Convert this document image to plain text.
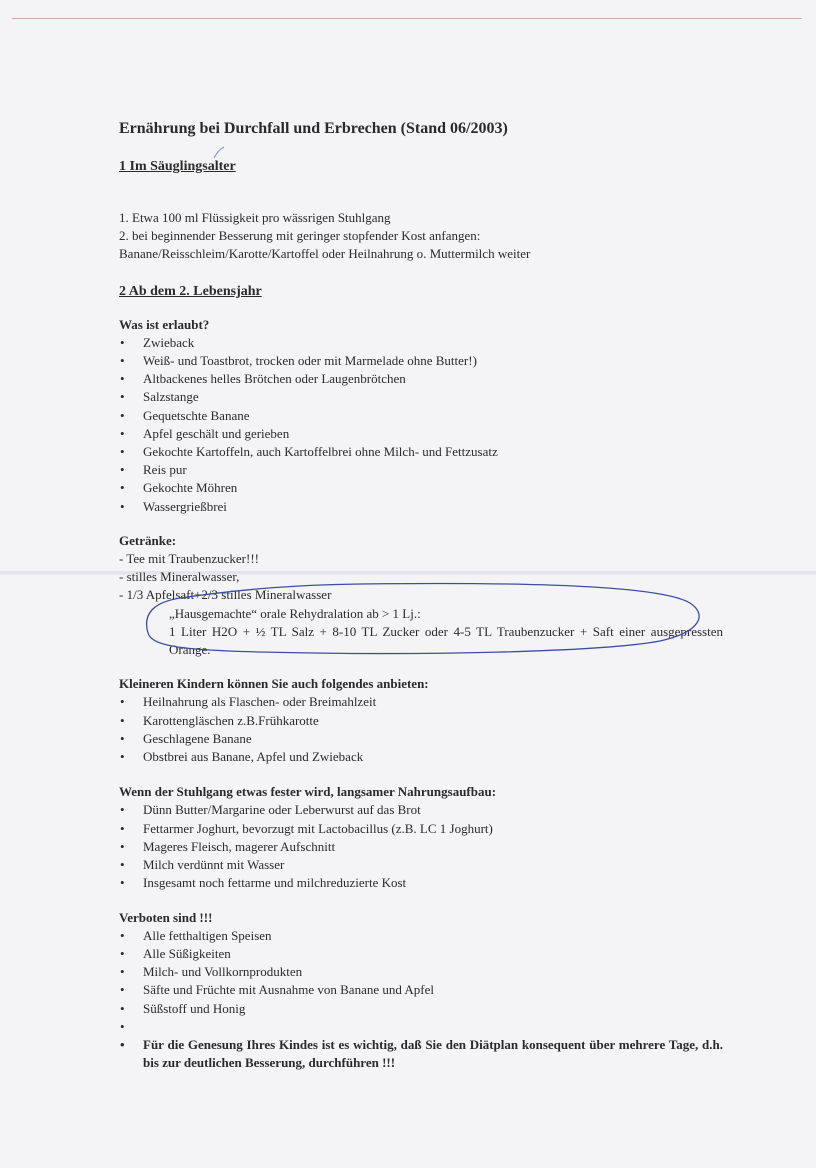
Ernährung bei Durchfall und Erbrechen (Stand 06/2003)
1 Im Säuglingsalter

1. Etwa 100 ml Flüssigkeit pro wässrigen Stuhlgang

2. bei beginnender Besserung mit geringer stopfender Kost anfangen:

Banane/Reisschleim/Karotte/Kartoffel oder Heilnahrung o. Muttermilch weiter

2 Ab dem 2. Lebensjahr

Was ist erlaubt?

• Zwieback
• Weiß- und Toastbrot, trocken oder mit Marmelade ohne Butter!)
• Altbackenes helles Brötchen oder Laugenbrötchen
• Salzstange
• Gequetschte Banane
• Apfel geschält und gerieben
• Gekochte Kartoffeln, auch Kartoffelbrei ohne Milch- und Fettzusatz
• Reis pur
• Gekochte Möhren
• Wassergrießbrei

Getränke:

- Tee mit Traubenzucker!!!

- stilles Mineralwasser,

- 1/3 Apfelsaft+2/3 stilles Mineralwasser

„Hausgemachte“ orale Rehydralation ab > 1 Lj.:

1 Liter H2O + ½ TL Salz + 8-10 TL Zucker oder 4-5 TL Traubenzucker + Saft einer ausgepressten Orange.

Kleineren Kindern können Sie auch folgendes anbieten:

• Heilnahrung als Flaschen- oder Breimahlzeit
• Karottengläschen z.B.Frühkarotte
• Geschlagene Banane
• Obstbrei aus Banane, Apfel und Zwieback

Wenn der Stuhlgang etwas fester wird, langsamer Nahrungsaufbau:

• Dünn Butter/Margarine oder Leberwurst auf das Brot
• Fettarmer Joghurt, bevorzugt mit Lactobacillus (z.B. LC 1 Joghurt)
• Mageres Fleisch, magerer Aufschnitt
• Milch verdünnt mit Wasser
• Insgesamt noch fettarme und milchreduzierte Kost

Verboten sind !!!

• Alle fetthaltigen Speisen
• Alle Süßigkeiten
• Milch- und Vollkornprodukten
• Säfte und Früchte mit Ausnahme von Banane und Apfel
• Süßstoff und Honig
•
• Für die Genesung Ihres Kindes ist es wichtig, daß Sie den Diätplan konsequent über mehrere Tage, d.h. bis zur deutlichen Besserung, durchführen !!!
